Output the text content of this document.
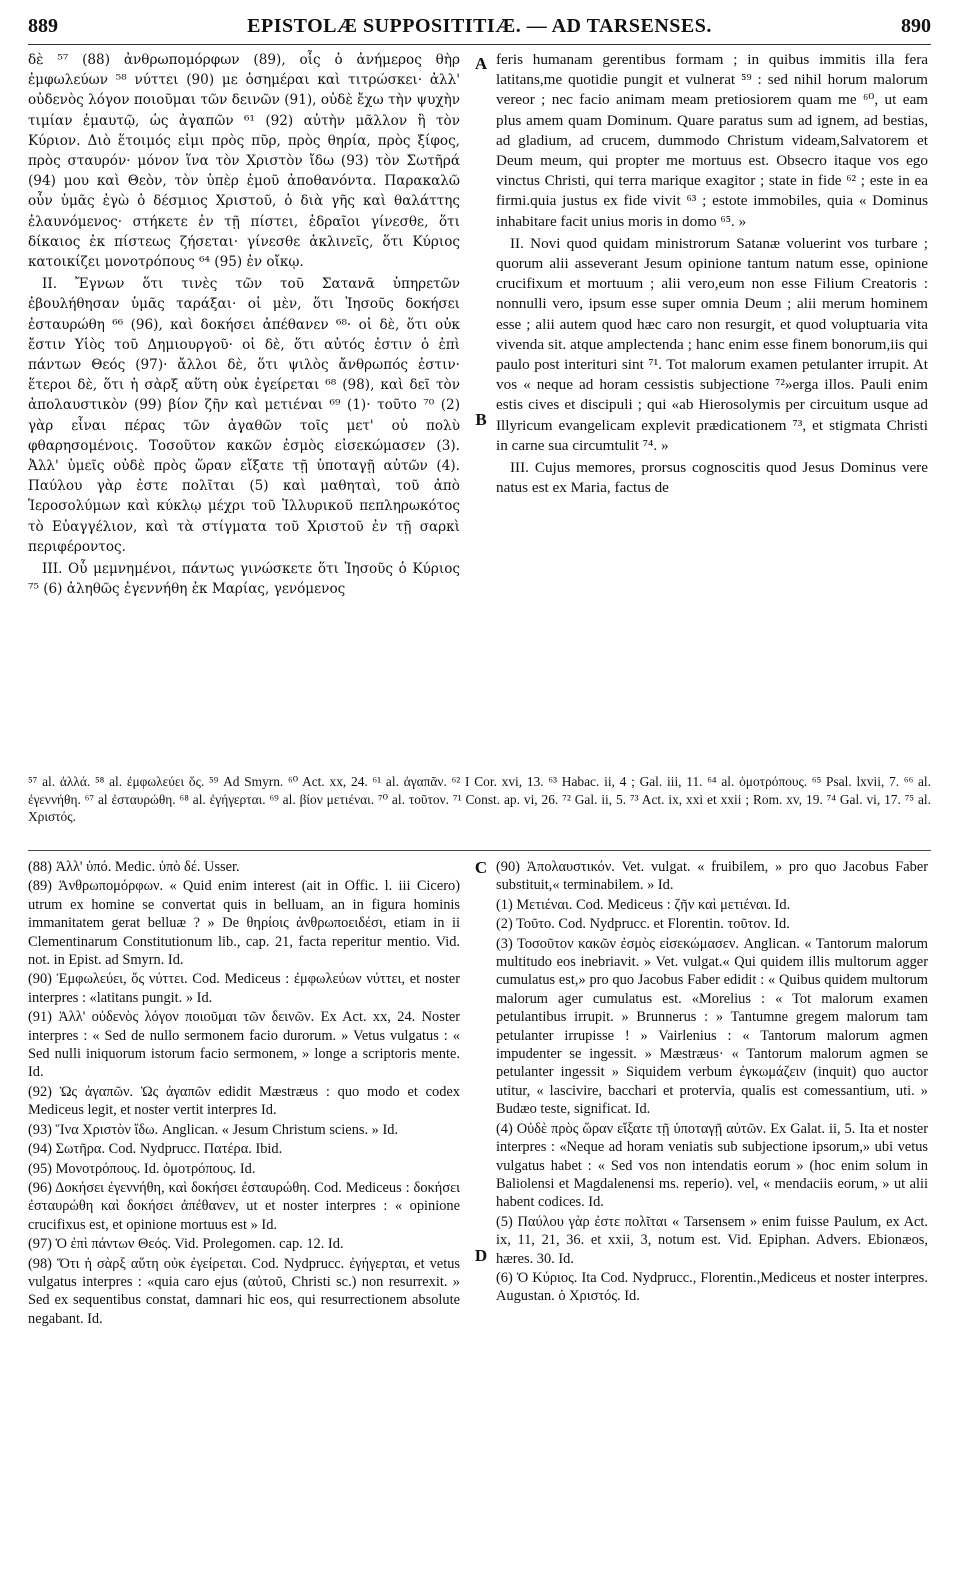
889	EPISTOLÆ SUPPOSITITIÆ. — AD TARSENSES.	890

δὲ ⁵⁷ (88) ἀνθρωπομόρφων (89), οἷς ὁ ἀνήμερος θὴρ ἐμφωλεύων ⁵⁸ νύττει (90) με ὁσημέραι καὶ τιτρώσκει· ἀλλ' οὐδενὸς λόγον ποιοῦμαι τῶν δεινῶν (91), οὐδὲ ἔχω τὴν ψυχὴν τιμίαν ἐμαυτῷ, ὡς ἀγαπῶν ⁶¹ (92) αὐτὴν μᾶλλον ἢ τὸν Κύριον. Διὸ ἕτοιμός εἰμι πρὸς πῦρ, πρὸς θηρία, πρὸς ξίφος, πρὸς σταυρόν· μόνον ἵνα τὸν Χριστὸν ἴδω (93) τὸν Σωτῆρά (94) μου καὶ Θεὸν, τὸν ὑπὲρ ἐμοῦ ἀποθανόντα. Παρακαλῶ οὖν ὑμᾶς ἐγὼ ὁ δέσμιος Χριστοῦ, ὁ διὰ γῆς καὶ θαλάττης ἐλαυνόμενος· στήκετε ἐν τῇ πίστει, ἑδραῖοι γίνεσθε, ὅτι δίκαιος ἐκ πίστεως ζήσεται· γίνεσθε ἀκλινεῖς, ὅτι Κύριος κατοικίζει μονοτρόπους ⁶⁴ (95) ἐν οἴκῳ.

II. Ἔγνων ὅτι τινὲς τῶν τοῦ Σατανᾶ ὑπηρετῶν ἐβουλήθησαν ὑμᾶς ταράξαι· οἱ μὲν, ὅτι Ἰησοῦς δοκήσει ἐσταυρώθη ⁶⁶ (96), καὶ δοκήσει ἀπέθανεν ⁶⁸· οἱ δὲ, ὅτι οὐκ ἔστιν Υἱὸς τοῦ Δημιουργοῦ· οἱ δὲ, ὅτι αὐτός ἐστιν ὁ ἐπὶ πάντων Θεός (97)· ἄλλοι δὲ, ὅτι ψιλὸς ἄνθρωπός ἐστιν· ἕτεροι δὲ, ὅτι ἡ σὰρξ αὕτη οὐκ ἐγείρεται ⁶⁸ (98), καὶ δεῖ τὸν ἀπολαυστικὸν (99) βίον ζῆν καὶ μετιέναι ⁶⁹ (1)· τοῦτο ⁷⁰ (2) γὰρ εἶναι πέρας τῶν ἀγαθῶν τοῖς μετ' οὐ πολὺ φθαρησομένοις. Τοσοῦτον κακῶν ἐσμὸς εἰσεκώμασεν (3). Ἀλλ' ὑμεῖς οὐδὲ πρὸς ὥραν εἴξατε τῇ ὑποταγῇ αὐτῶν (4). Παύλου γὰρ ἐστε πολῖται (5) καὶ μαθηταὶ, τοῦ ἀπὸ Ἱεροσολύμων καὶ κύκλῳ μέχρι τοῦ Ἰλλυρικοῦ πεπληρωκότος τὸ Εὐαγγέλιον, καὶ τὰ στίγματα τοῦ Χριστοῦ ἐν τῇ σαρκὶ περιφέροντος.

III. Οὗ μεμνημένοι, πάντως γινώσκετε ὅτι Ἰησοῦς ὁ Κύριος ⁷⁵ (6) ἀληθῶς ἐγεννήθη ἐκ Μαρίας, γενόμενος

A
B

feris humanam gerentibus formam ; in quibus immitis illa fera latitans,me quotidie pungit et vulnerat ⁵⁹ : sed nihil horum malorum vereor ; nec facio animam meam pretiosiorem quam me ⁶⁰, ut eam plus amem quam Dominum. Quare paratus sum ad ignem, ad bestias, ad gladium, ad crucem, dummodo Christum videam,Salvatorem et Deum meum, qui propter me mortuus est. Obsecro itaque vos ego vinctus Christi, qui terra marique exagitor ; state in fide ⁶² ; este in ea firmi.quia justus ex fide vivit ⁶³ ; estote immobiles, quia « Dominus inhabitare facit unius moris in domo ⁶⁵. »

II. Novi quod quidam ministrorum Satanæ voluerint vos turbare ; quorum alii asseverant Jesum opinione tantum natum esse, opinione crucifixum et mortuum ; alii vero,eum non esse Filium Creatoris : nonnulli vero, ipsum esse super omnia Deum ; alii merum hominem esse ; alii autem quod hæc caro non resurgit, et quod voluptuaria vita vivenda sit. atque amplectenda ; hanc enim esse finem bonorum,iis qui paulo post interituri sint ⁷¹. Tot malorum examen petulanter irrupit. At vos « neque ad horam cessistis subjectione ⁷²»erga illos. Pauli enim estis cives et discipuli ; qui «ab Hierosolymis per circuitum usque ad Illyricum evangelicam explevit prædicationem ⁷³, et stigmata Christi in carne sua circumtulit ⁷⁴. »

III. Cujus memores, prorsus cognoscitis quod Jesus Dominus vere natus est ex Maria, factus de

⁵⁷ al. ἀλλά. ⁵⁸ al. ἐμφωλεύει ὅς. ⁵⁹ Ad Smyrn. ⁶⁰ Act. xx, 24. ⁶¹ al. ἀγαπᾶν. ⁶² I Cor. xvi, 13. ⁶³ Habac. ii, 4 ; Gal. iii, 11. ⁶⁴ al. ὁμοτρόπους. ⁶⁵ Psal. lxvii, 7. ⁶⁶ al. ἐγεννήθη. ⁶⁷ al ἐσταυρώθη. ⁶⁸ al. ἐγήγερται. ⁶⁹ al. βίον μετιέναι. ⁷⁰ al. τοῦτον. ⁷¹ Const. ap. vi, 26. ⁷² Gal. ii, 5. ⁷³ Act. ix, xxi et xxii ; Rom. xv, 19. ⁷⁴ Gal. vi, 17. ⁷⁵ al. Χριστός.

(88) Ἀλλ' ὑπό. Medic. ὑπὸ δέ. Usser.

(89) Ἀνθρωπομόρφων. « Quid enim interest (ait in Offic. l. iii Cicero) utrum ex homine se convertat quis in belluam, an in figura hominis immanitatem gerat belluæ ? » De θηρίοις ἀνθρωποειδέσι, etiam in ii Clementinarum Constitutionum lib., cap. 21, facta reperitur mentio. Vid. not. in Epist. ad Smyrn. Id.

(90) Ἐμφωλεύει, ὅς νύττει. Cod. Mediceus : ἐμφωλεύων νύττει, et noster interpres : «latitans pungit. » Id.

(91) Ἀλλ' οὐδενὸς λόγον ποιοῦμαι τῶν δεινῶν. Ex Act. xx, 24. Noster interpres : « Sed de nullo sermonem facio durorum. » Vetus vulgatus : « Sed nulli iniquorum istorum facio sermonem, » longe a scriptoris mente. Id.

(92) Ὡς ἀγαπῶν. Ὡς ἀγαπῶν edidit Mæstræus : quo modo et codex Mediceus legit, et noster vertit interpres Id.

(93) Ἵνα Χριστὸν ἴδω. Anglican. « Jesum Christum sciens. » Id.

(94) Σωτῆρα. Cod. Nydprucc. Πατέρα. Ibid.

(95) Μονοτρόπους. Id. ὁμοτρόπους. Id.

(96) Δοκήσει ἐγεννήθη, καὶ δοκήσει ἐσταυρώθη. Cod. Mediceus : δοκήσει ἐσταυρώθη καὶ δοκήσει ἀπέθανεν, ut et noster interpres : « opinione crucifixus est, et opinione mortuus est » Id.

(97) Ὁ ἐπὶ πάντων Θεός. Vid. Prolegomen. cap. 12. Id.

(98) Ὅτι ἡ σὰρξ αὕτη οὐκ ἐγείρεται. Cod. Nydprucc. ἐγήγερται, et vetus vulgatus interpres : «quia caro ejus (αὐτοῦ, Christi sc.) non resurrexit. » Sed ex sequentibus constat, damnari hic eos, qui resurrectionem absolute negabant. Id.

C
D

(90) Ἀπολαυστικόν. Vet. vulgat. « fruibilem, » pro quo Jacobus Faber substituit,« terminabilem. » Id.

(1) Μετιέναι. Cod. Mediceus : ζῆν καὶ μετιέναι. Id.

(2) Τοῦτο. Cod. Nydprucc. et Florentin. τοῦτον. Id.

(3) Τοσοῦτον κακῶν ἐσμὸς εἰσεκώμασεν. Anglican. « Tantorum malorum multitudo eos inebriavit. » Vet. vulgat.« Qui quidem illis multorum agger cumulatus est,» pro quo Jacobus Faber edidit : « Quibus quidem multorum malorum ager cumulatus est. «Morelius : « Tot malorum examen petulantibus irrupit. » Brunnerus : » Tantumne gregem malorum tam petulanter irrupisse ! » Vairlenius : « Tantorum malorum agmen impudenter se ingessit. » Mæstræus· « Tantorum malorum agmen se petulanter ingessit » Siquidem verbum ἐγκωμάζειν (inquit) quo auctor utitur, « lascivire, bacchari et protervia, qualis est comessantium, uti. » Budæo teste, significat. Id.

(4) Οὐδὲ πρὸς ὥραν εἴξατε τῇ ὑποταγῇ αὐτῶν. Ex Galat. ii, 5. Ita et noster interpres : «Neque ad horam veniatis sub subjectione ipsorum,» ubi vetus vulgatus habet : « Sed vos non intendatis eorum » (hoc enim solum in Baliolensi et Magdalenensi ms. reperio). vel, « mendaciis eorum, » ut alii habent codices. Id.

(5) Παύλου γὰρ ἐστε πολῖται « Tarsensem » enim fuisse Paulum, ex Act. ix, 11, 21, 36. et xxii, 3, notum est. Vid. Epiphan. Advers. Ebionæos, hæres. 30. Id.

(6) Ὁ Κύριος. Ita Cod. Nydprucc., Florentin.,Mediceus et noster interpres. Augustan. ὁ Χριστός. Id.
